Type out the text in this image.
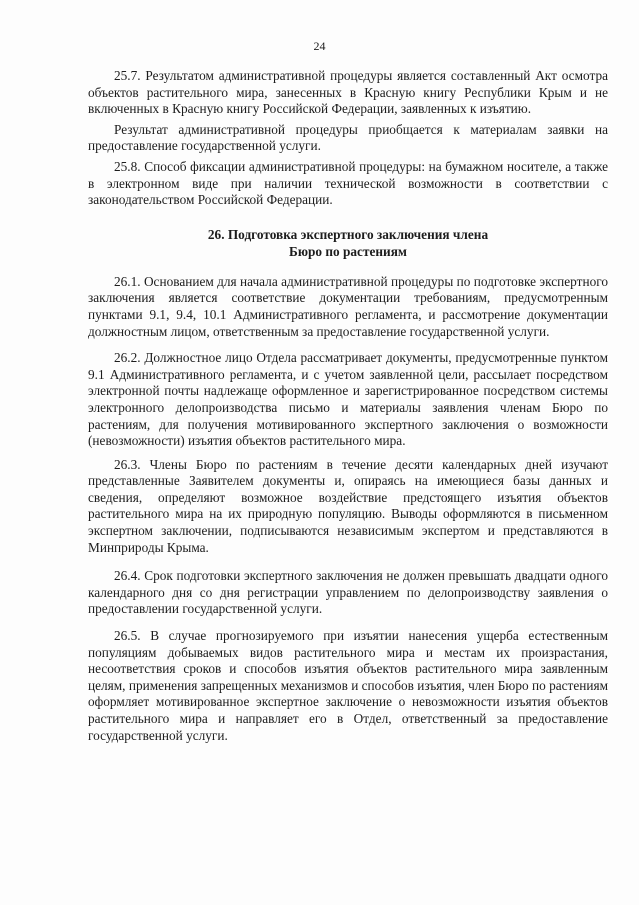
24

25.7. Результатом административной процедуры является составленный Акт осмотра объектов растительного мира, занесенных в Красную книгу Республики Крым и не включенных в Красную книгу Российской Федерации, заявленных к изъятию.

Результат административной процедуры приобщается к материалам заявки на предоставление государственной услуги.

25.8. Способ фиксации административной процедуры: на бумажном носителе, а также в электронном виде при наличии технической возможности в соответствии с законодательством Российской Федерации.

26. Подготовка экспертного заключения члена
Бюро по растениям

26.1. Основанием для начала административной процедуры по подготовке экспертного заключения является соответствие документации требованиям, предусмотренным пунктами 9.1, 9.4, 10.1 Административного регламента, и рассмотрение документации должностным лицом, ответственным за предоставление государственной услуги.

26.2. Должностное лицо Отдела рассматривает документы, предусмотренные пунктом 9.1 Административного регламента, и с учетом заявленной цели, рассылает посредством электронной почты надлежаще оформленное и зарегистрированное посредством системы электронного делопроизводства письмо и материалы заявления членам Бюро по растениям, для получения мотивированного экспертного заключения о возможности (невозможности) изъятия объектов растительного мира.

26.3. Члены Бюро по растениям в течение десяти календарных дней изучают представленные Заявителем документы и, опираясь на имеющиеся базы данных и сведения, определяют возможное воздействие предстоящего изъятия объектов растительного мира на их природную популяцию. Выводы оформляются в письменном экспертном заключении, подписываются независимым экспертом и представляются в Минприроды Крыма.

26.4. Срок подготовки экспертного заключения не должен превышать двадцати одного календарного дня со дня регистрации управлением по делопроизводству заявления о предоставлении государственной услуги.

26.5. В случае прогнозируемого при изъятии нанесения ущерба естественным популяциям добываемых видов растительного мира и местам их произрастания, несоответствия сроков и способов изъятия объектов растительного мира заявленным целям, применения запрещенных механизмов и способов изъятия, член Бюро по растениям оформляет мотивированное экспертное заключение о невозможности изъятия объектов растительного мира и направляет его в Отдел, ответственный за предоставление государственной услуги.
